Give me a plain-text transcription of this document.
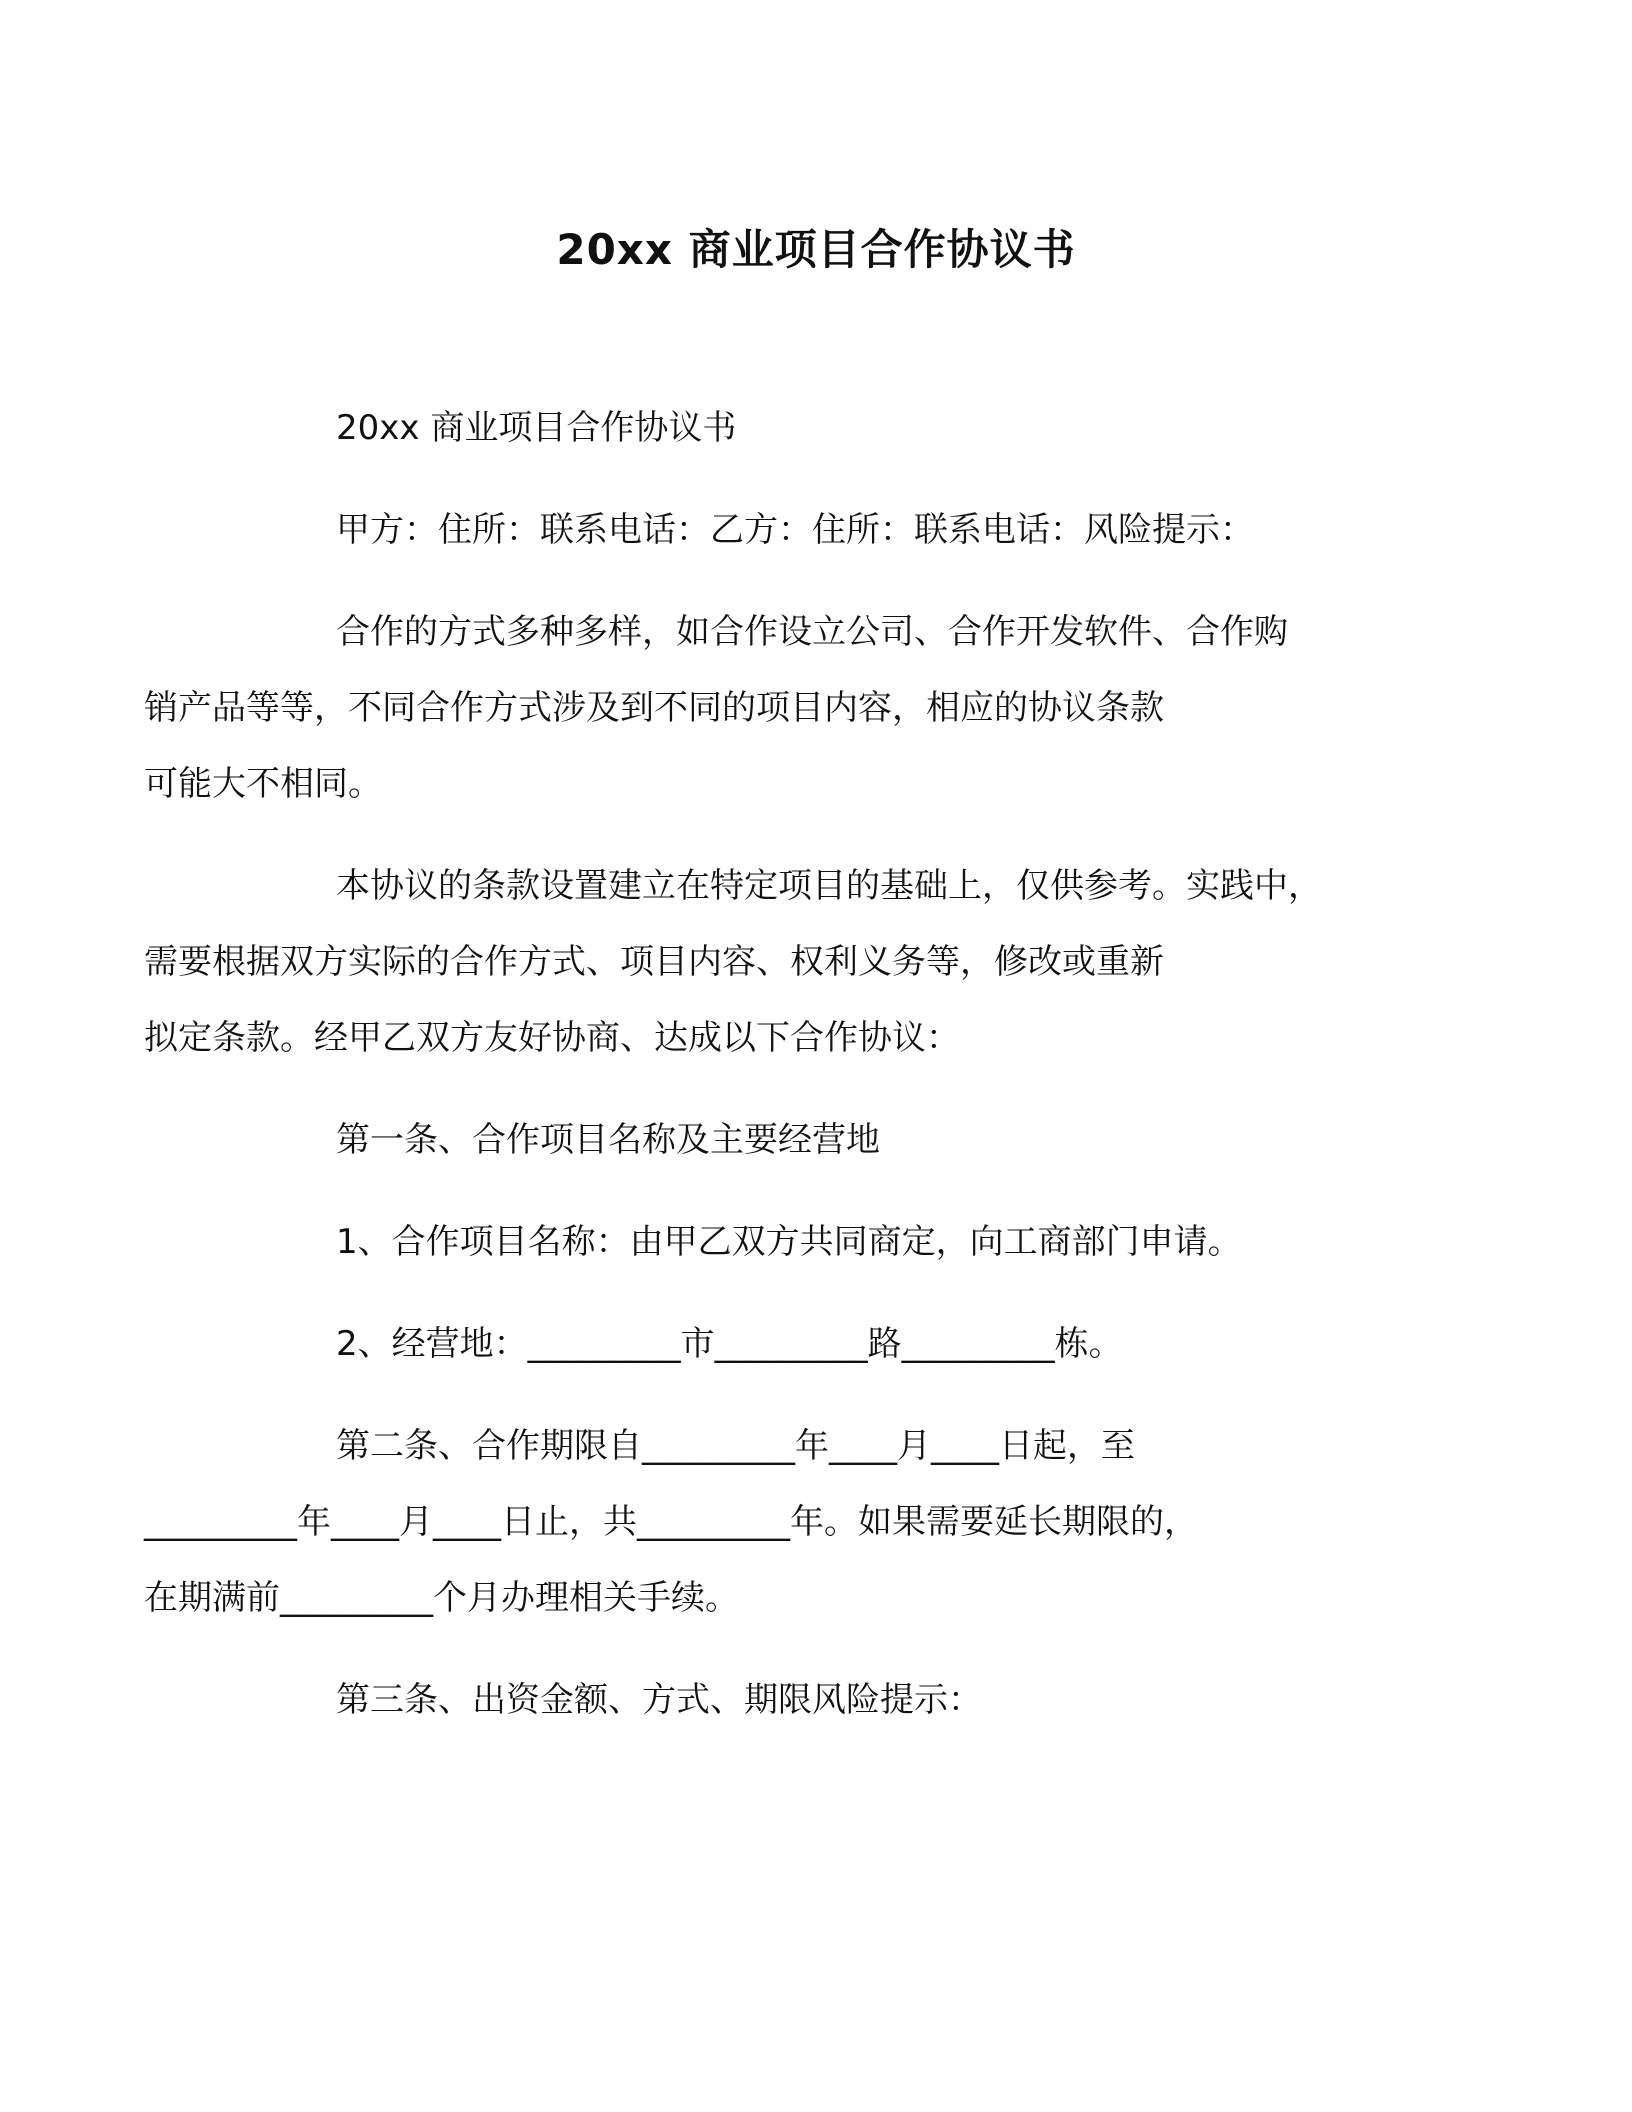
20xx 商业项目合作协议书
20xx 商业项目合作协议书
甲方：住所：联系电话：乙方：住所：联系电话：风险提示：
合作的方式多种多样，如合作设立公司、合作开发软件、合作购
销产品等等，不同合作方式涉及到不同的项目内容，相应的协议条款
可能大不相同。
本协议的条款设置建立在特定项目的基础上，仅供参考。实践中，
需要根据双方实际的合作方式、项目内容、权利义务等，修改或重新
拟定条款。经甲乙双方友好协商、达成以下合作协议：
第一条、合作项目名称及主要经营地
1、合作项目名称：由甲乙双方共同商定，向工商部门申请。
2、经营地：_________市_________路_________栋。
第二条、合作期限自_________年____月____日起，至
_________年____月____日止，共_________年。如果需要延长期限的，
在期满前_________个月办理相关手续。
第三条、出资金额、方式、期限风险提示：
